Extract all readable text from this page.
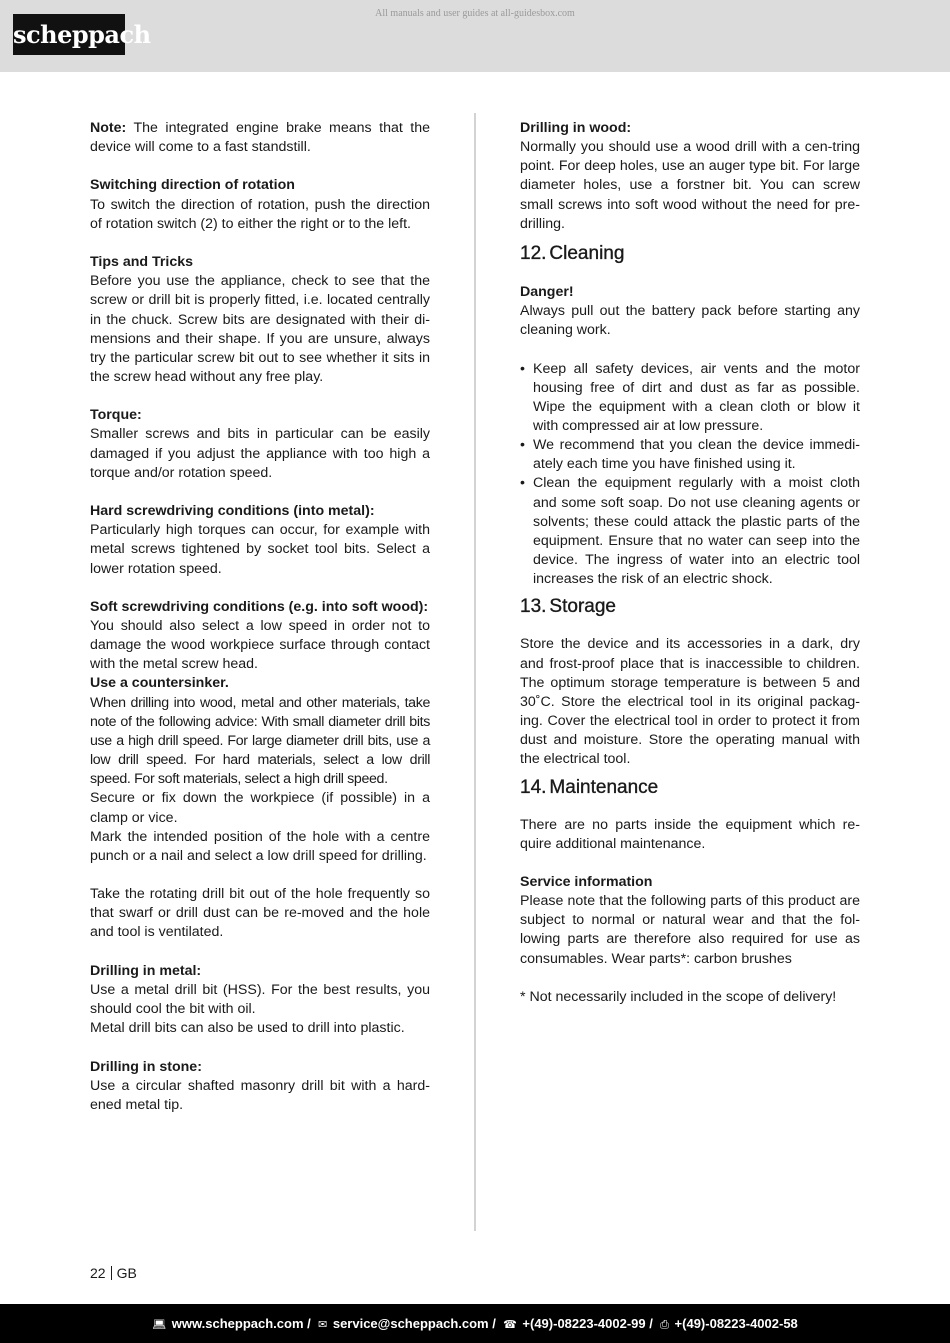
All manuals and user guides at all-guidesbox.com
scheppach

Note: The integrated engine brake means that the device will come to a fast standstill.

Switching direction of rotation

To switch the direction of rotation, push the direction of rotation switch (2) to either the right or to the left.

Tips and Tricks

Before you use the appliance, check to see that the screw or drill bit is properly fitted, i.e. located centrally in the chuck. Screw bits are designated with their di-mensions and their shape. If you are unsure, always try the particular screw bit out to see whether it sits in the screw head without any free play.

Torque:

Smaller screws and bits in particular can be easily damaged if you adjust the appliance with too high a torque and/or rotation speed.

Hard screwdriving conditions (into metal):

Particularly high torques can occur, for example with metal screws tightened by socket tool bits. Select a lower rotation speed.

Soft screwdriving conditions (e.g. into soft wood):

You should also select a low speed in order not to damage the wood workpiece surface through contact with the metal screw head.

Use a countersinker.

When drilling into wood, metal and other materials, take note of the following advice: With small diameter drill bits use a high drill speed. For large diameter drill bits, use a low drill speed. For hard materials, select a low drill speed. For soft materials, select a high drill speed.

Secure or fix down the workpiece (if possible) in a clamp or vice.

Mark the intended position of the hole with a centre punch or a nail and select a low drill speed for drilling.

Take the rotating drill bit out of the hole frequently so that swarf or drill dust can be re-moved and the hole and tool is ventilated.

Drilling in metal:

Use a metal drill bit (HSS). For the best results, you should cool the bit with oil.

Metal drill bits can also be used to drill into plastic.

Drilling in stone:

Use a circular shafted masonry drill bit with a hard-ened metal tip.

Drilling in wood:

Normally you should use a wood drill with a cen-tring point. For deep holes, use an auger type bit. For large diameter holes, use a forstner bit. You can screw small screws into soft wood without the need for pre-drilling.

12. Cleaning

Danger!

Always pull out the battery pack before starting any cleaning work.

• Keep all safety devices, air vents and the motor housing free of dirt and dust as far as possible. Wipe the equipment with a clean cloth or blow it with compressed air at low pressure.
• We recommend that you clean the device immedi-ately each time you have finished using it.
• Clean the equipment regularly with a moist cloth and some soft soap. Do not use cleaning agents or solvents; these could attack the plastic parts of the equipment. Ensure that no water can seep into the device. The ingress of water into an electric tool increases the risk of an electric shock.
13. Storage

Store the device and its accessories in a dark, dry and frost-proof place that is inaccessible to children. The optimum storage temperature is between 5 and 30˚C. Store the electrical tool in its original packag-ing. Cover the electrical tool in order to protect it from dust and moisture. Store the operating manual with the electrical tool.

14. Maintenance

There are no parts inside the equipment which re-quire additional maintenance.

Service information

Please note that the following parts of this product are subject to normal or natural wear and that the fol-lowing parts are therefore also required for use as consumables. Wear parts*: carbon brushes

* Not necessarily included in the scope of delivery!

22 GB
💻︎ www.scheppach.com /  ✉︎ service@scheppach.com /  ☎︎ +(49)-08223-4002-99 /  ⎙ +(49)-08223-4002-58
